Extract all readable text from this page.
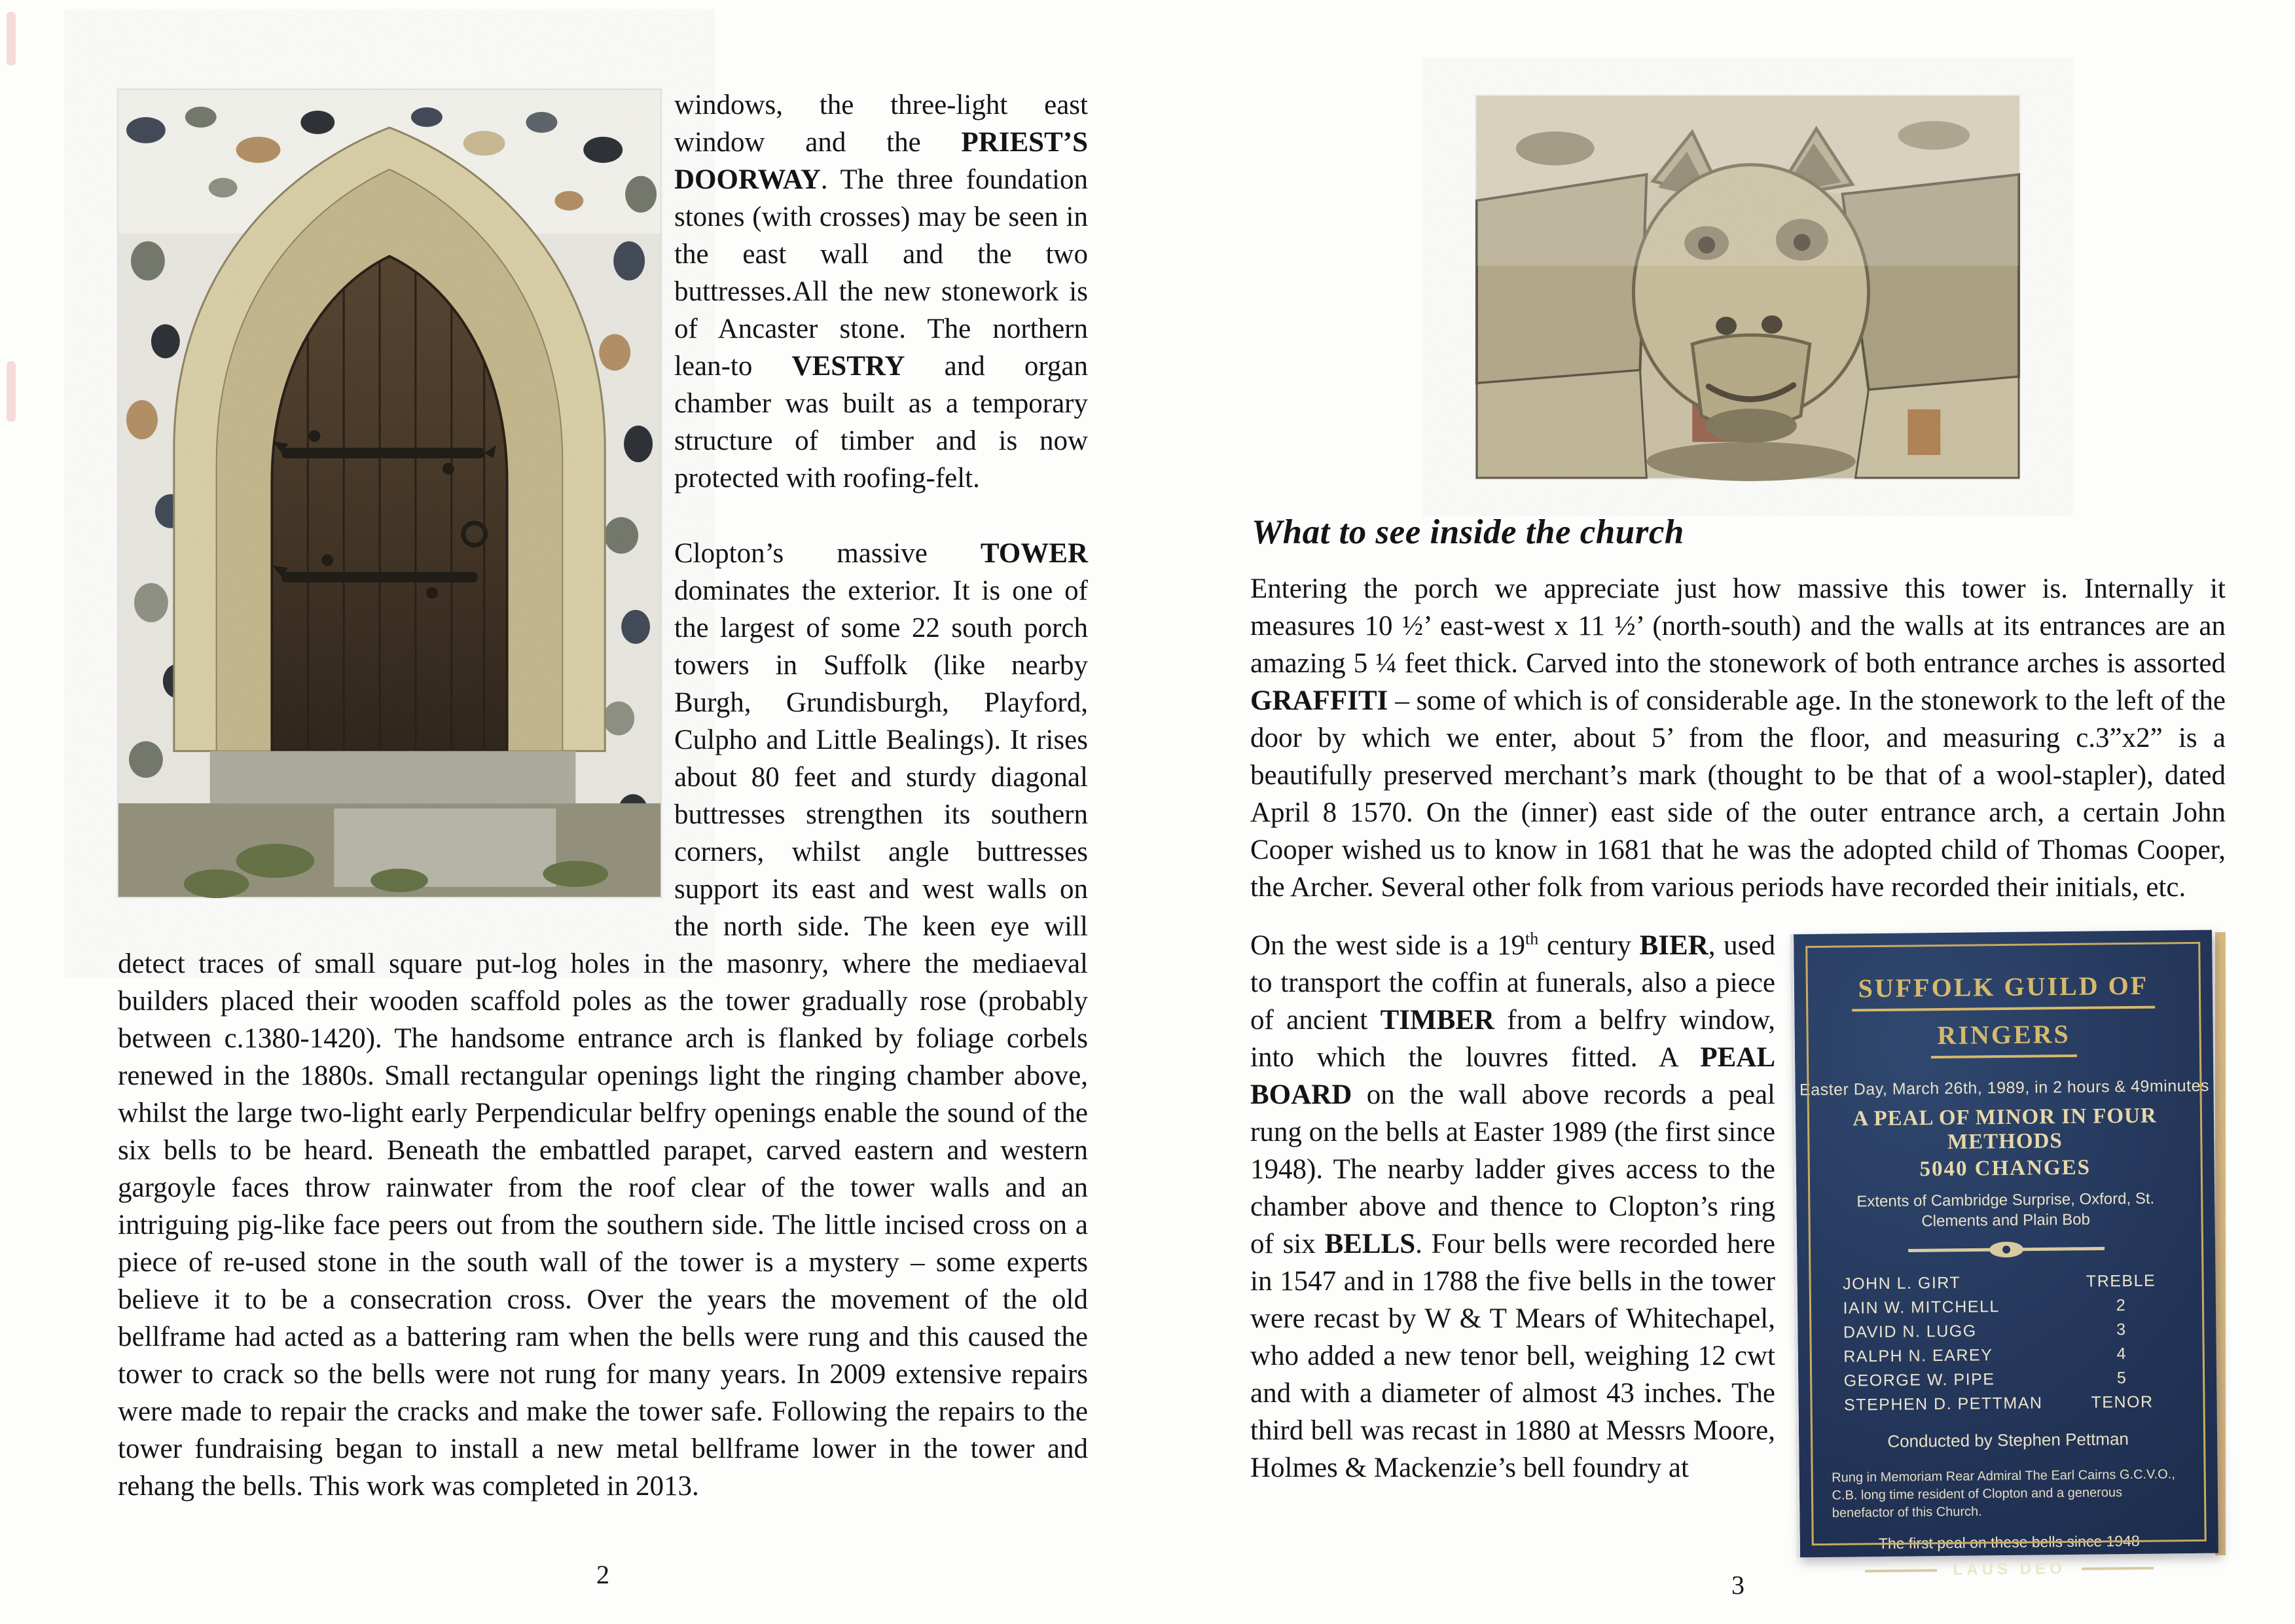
windows, the three-light east window and the PRIEST’S DOORWAY. The three foundation stones (with crosses) may be seen in the east wall and the two buttresses.All the new stonework is of Ancaster stone. The northern lean-to VESTRY and organ chamber was built as a temporary structure of timber and is now protected with roofing-felt.

Clopton’s massive TOWER dominates the exterior. It is one of the largest of some 22 south porch towers in Suffolk (like nearby Burgh, Grundisburgh, Playford, Culpho and Little Bealings). It rises about 80 feet and sturdy diagonal buttresses strengthen its southern corners, whilst angle buttresses support its east and west walls on the north side. The keen eye will detect traces of small square put-log holes in the masonry, where the mediaeval builders placed their wooden scaffold poles as the tower gradually rose (probably between c.1380-1420). The handsome entrance arch is flanked by foliage corbels renewed in the 1880s. Small rectangular openings light the ringing chamber above, whilst the large two-light early Perpendicular belfry openings enable the sound of the six bells to be heard. Beneath the embattled parapet, carved eastern and western gargoyle faces throw rainwater from the roof clear of the tower walls and an intriguing pig-like face peers out from the southern side. The little incised cross on a piece of re-used stone in the south wall of the tower is a mystery – some experts believe it to be a consecration cross. Over the years the movement of the old bellframe had acted as a battering ram when the bells were rung and this caused the tower to crack so the bells were not rung for many years. In 2009 extensive repairs were made to repair the cracks and make the tower safe. Following the repairs to the tower fundraising began to install a new metal bellframe lower in the tower and rehang the bells. This work was completed in 2013.

2
What to see inside the church

Entering the porch we appreciate just how massive this tower is. Internally it measures 10 ½’ east-west x 11 ½’ (north-south) and the walls at its entrances are an amazing 5 ¼ feet thick. Carved into the stonework of both entrance arches is assorted GRAFFITI – some of which is of considerable age. In the stonework to the left of the door by which we enter, about 5’ from the floor, and measuring c.3”x2” is a beautifully preserved merchant’s mark (thought to be that of a wool-stapler), dated April 8 1570. On the (inner) east side of the outer entrance arch, a certain John Cooper wished us to know in 1681 that he was the adopted child of Thomas Cooper, the Archer. Several other folk from various periods have recorded their initials, etc.

SUFFOLK GUILD OF
RINGERS
Easter Day, March 26th, 1989, in 2 hours & 49minutes
A PEAL OF MINOR IN FOUR METHODS
5040 CHANGES
Extents of Cambridge Surprise, Oxford, St. Clements and Plain Bob
JOHN L. GIRT	TREBLE
IAIN W. MITCHELL	2
DAVID N. LUGG	3
RALPH N. EAREY	4
GEORGE W. PIPE	5
STEPHEN D. PETTMAN	TENOR
Conducted by Stephen Pettman
Rung in Memoriam Rear Admiral The Earl Cairns G.C.V.O., C.B. long time resident of Clopton and a generous benefactor of this Church.
The first peal on these bells since 1948
LAUS DEO

On the west side is a 19th century BIER, used to transport the coffin at funerals, also a piece of ancient TIMBER from a belfry window, into which the louvres fitted. A PEAL BOARD on the wall above records a peal rung on the bells at Easter 1989 (the first since 1948). The nearby ladder gives access to the chamber above and thence to Clopton’s ring of six BELLS. Four bells were recorded here in 1547 and in 1788 the five bells in the tower were recast by W & T Mears of Whitechapel, who added a new tenor bell, weighing 12 cwt and with a diameter of almost 43 inches. The third bell was recast in 1880 at Messrs Moore, Holmes & Mackenzie’s bell foundry at

3
